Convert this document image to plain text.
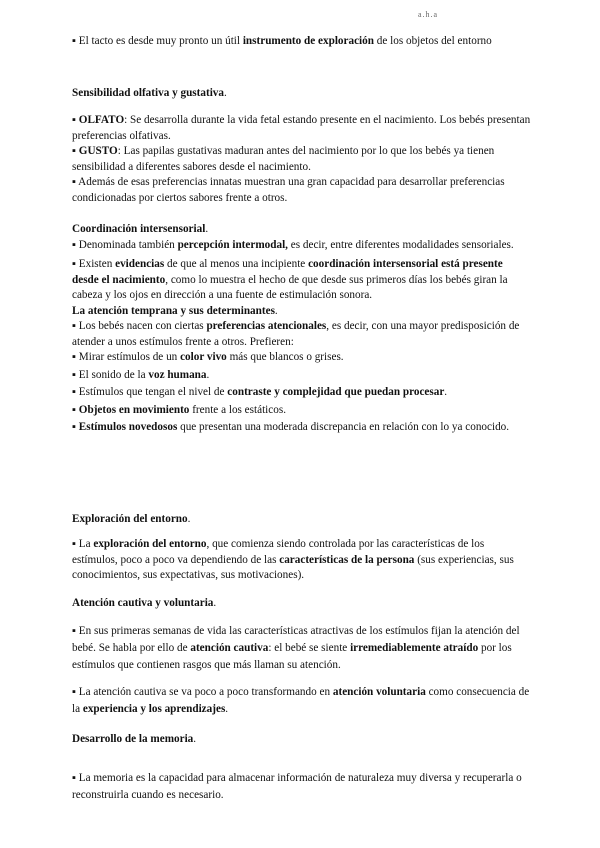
a.h.a

▪ El tacto es desde muy pronto un útil instrumento de exploración de los objetos del entorno

Sensibilidad olfativa y gustativa.

▪ OLFATO: Se desarrolla durante la vida fetal estando presente en el nacimiento. Los bebés presentan preferencias olfativas.

▪ GUSTO: Las papilas gustativas maduran antes del nacimiento por lo que los bebés ya tienen sensibilidad a diferentes sabores desde el nacimiento.

▪ Además de esas preferencias innatas muestran una gran capacidad para desarrollar preferencias condicionadas por ciertos sabores frente a otros.

Coordinación intersensorial.

▪ Denominada también percepción intermodal, es decir, entre diferentes modalidades sensoriales.

▪ Existen evidencias de que al menos una incipiente coordinación intersensorial está presente desde el nacimiento, como lo muestra el hecho de que desde sus primeros días los bebés giran la cabeza y los ojos en dirección a una fuente de estimulación sonora.

La atención temprana y sus determinantes.

▪ Los bebés nacen con ciertas preferencias atencionales, es decir, con una mayor predisposición de atender a unos estímulos frente a otros. Prefieren:

▪ Mirar estímulos de un color vivo más que blancos o grises.

▪ El sonido de la voz humana.

▪ Estímulos que tengan el nivel de contraste y complejidad que puedan procesar.

▪ Objetos en movimiento frente a los estáticos.

▪ Estímulos novedosos que presentan una moderada discrepancia en relación con lo ya conocido.

Exploración del entorno.

▪ La exploración del entorno, que comienza siendo controlada por las características de los estímulos, poco a poco va dependiendo de las características de la persona (sus experiencias, sus conocimientos, sus expectativas, sus motivaciones).

Atención cautiva y voluntaria.

▪ En sus primeras semanas de vida las características atractivas de los estímulos fijan la atención del bebé. Se habla por ello de atención cautiva: el bebé se siente irremediablemente atraído por los estímulos que contienen rasgos que más llaman su atención.

▪ La atención cautiva se va poco a poco transformando en atención voluntaria como consecuencia de la experiencia y los aprendizajes.

Desarrollo de la memoria.

▪ La memoria es la capacidad para almacenar información de naturaleza muy diversa y recuperarla o reconstruirla cuando es necesario.
